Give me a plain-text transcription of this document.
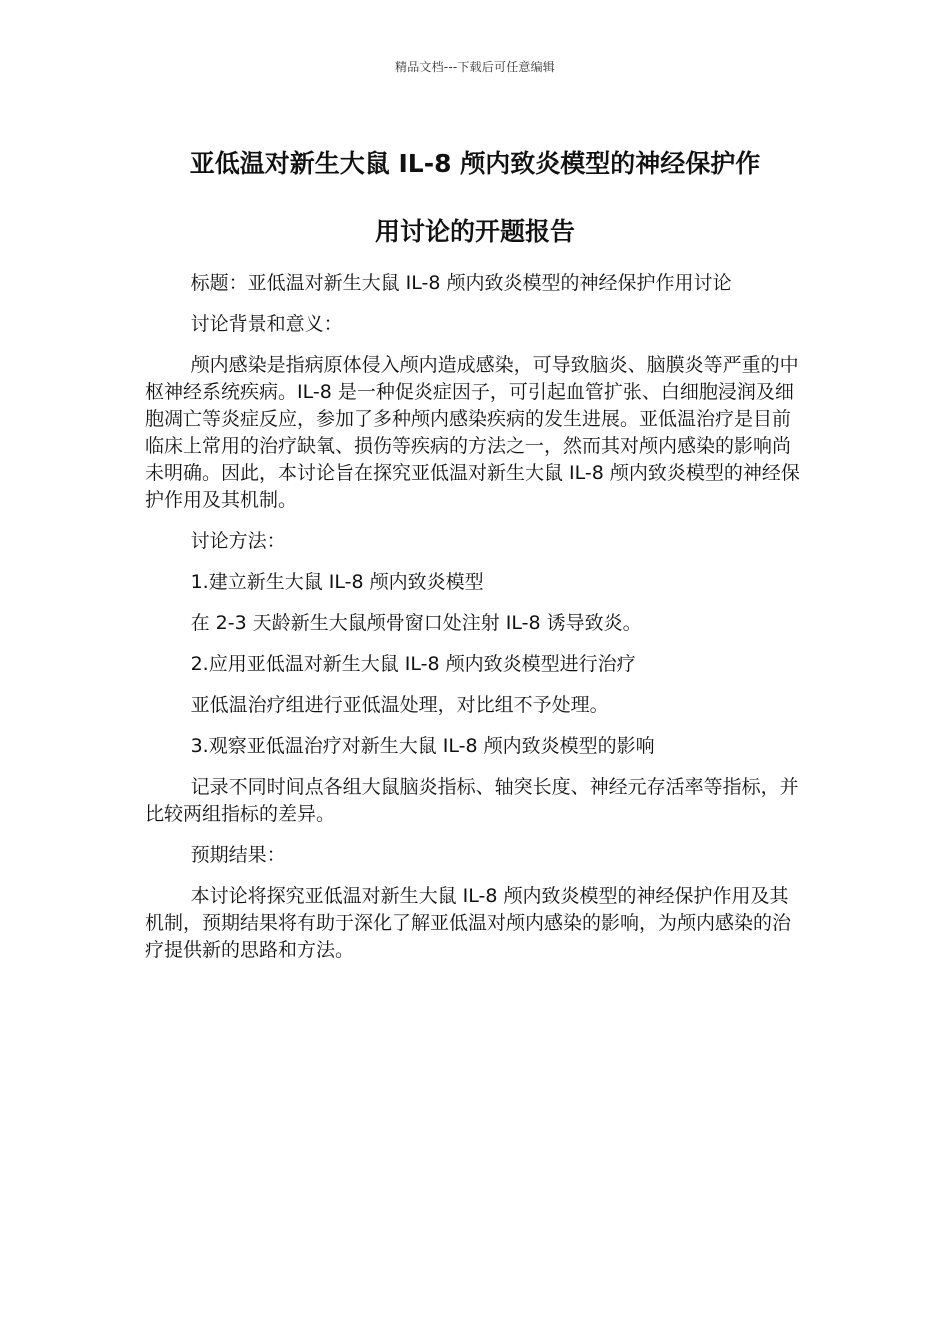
精品文档---下载后可任意编辑
亚低温对新生大鼠 IL-8 颅内致炎模型的神经保护作
用讨论的开题报告

标题：亚低温对新生大鼠 IL-8 颅内致炎模型的神经保护作用讨论

讨论背景和意义：

颅内感染是指病原体侵入颅内造成感染，可导致脑炎、脑膜炎等严重的中枢神经系统疾病。IL-8 是一种促炎症因子，可引起血管扩张、白细胞浸润及细胞凋亡等炎症反应，参加了多种颅内感染疾病的发生进展。亚低温治疗是目前临床上常用的治疗缺氧、损伤等疾病的方法之一，然而其对颅内感染的影响尚未明确。因此，本讨论旨在探究亚低温对新生大鼠 IL-8 颅内致炎模型的神经保护作用及其机制。

讨论方法：

1.建立新生大鼠 IL-8 颅内致炎模型

在 2-3 天龄新生大鼠颅骨窗口处注射 IL-8 诱导致炎。

2.应用亚低温对新生大鼠 IL-8 颅内致炎模型进行治疗

亚低温治疗组进行亚低温处理，对比组不予处理。

3.观察亚低温治疗对新生大鼠 IL-8 颅内致炎模型的影响

记录不同时间点各组大鼠脑炎指标、轴突长度、神经元存活率等指标，并比较两组指标的差异。

预期结果：

本讨论将探究亚低温对新生大鼠 IL-8 颅内致炎模型的神经保护作用及其机制，预期结果将有助于深化了解亚低温对颅内感染的影响，为颅内感染的治疗提供新的思路和方法。
